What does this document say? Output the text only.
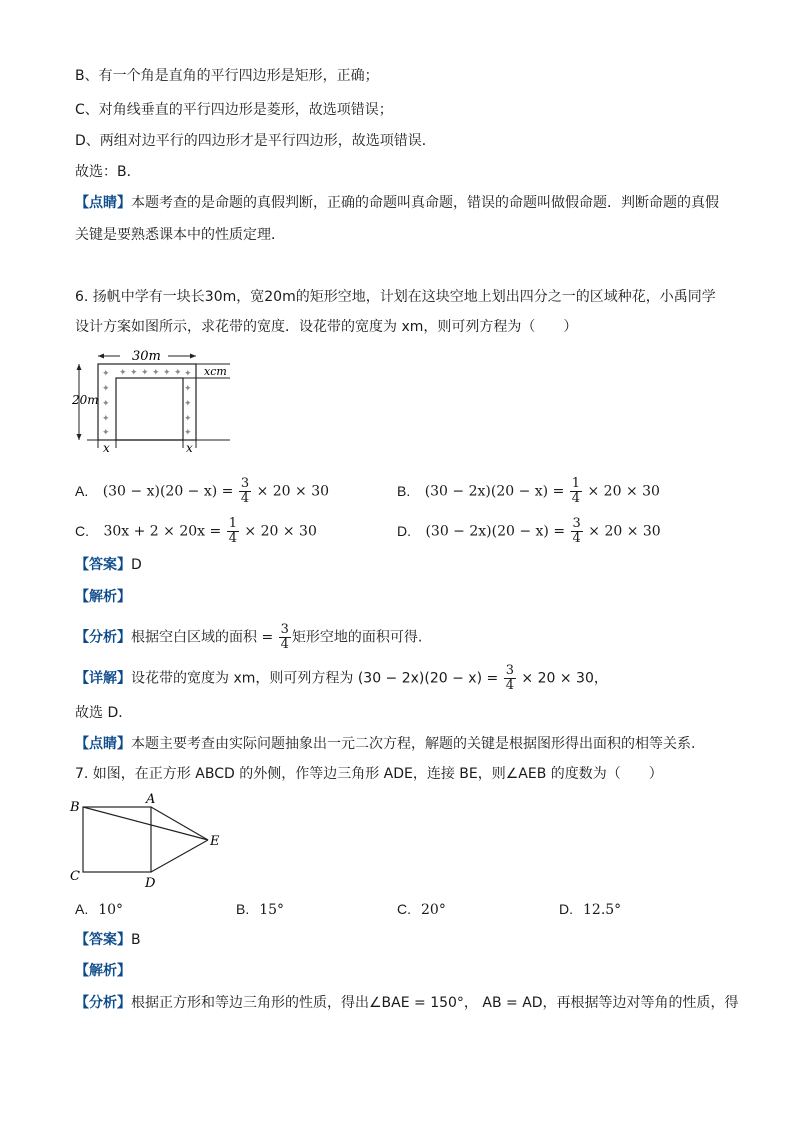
B、有一个角是直角的平行四边形是矩形，正确；
C、对角线垂直的平行四边形是菱形，故选项错误；
D、两组对边平行的四边形才是平行四边形，故选项错误．
故选：B．
【点睛】本题考查的是命题的真假判断，正确的命题叫真命题，错误的命题叫做假命题．判断命题的真假
关键是要熟悉课本中的性质定理．
6. 扬帆中学有一块长30m，宽20m的矩形空地，计划在这块空地上划出四分之一的区域种花，小禹同学
设计方案如图所示，求花带的宽度．设花带的宽度为 xm，则可列方程为（　　）
30m
20m
x	x
xcm
✦
✦
✦
✦
✦
✦
✦
✦
✦
✦
✦ ✦ ✦ ✦ ✦ ✦
A. $(30 - x)(20 - x) = \frac{3}{4} \times 20 \times 30$	B. $(30 - 2x)(20 - x) = \frac{1}{4} \times 20 \times 30$
C. $30x + 2 \times 20x = \frac{1}{4} \times 20 \times 30$	D. $(30 - 2x)(20 - x) = \frac{3}{4} \times 20 \times 30$
【答案】D
【解析】
【分析】根据空白区域的面积 = $\frac{3}{4}$ 矩形空地的面积可得.
【详解】设花带的宽度为 xm，则可列方程为 $(30 - 2x)(20 - x) = \frac{3}{4} \times 20 \times 30$，
故选 D．
【点睛】本题主要考查由实际问题抽象出一元二次方程，解题的关键是根据图形得出面积的相等关系.
7. 如图，在正方形 ABCD 的外侧，作等边三角形 ADE，连接 BE，则∠AEB 的度数为（　　）
B
A
E
C	D
A. 10°	B. 15°	C. 20°	D. 12.5°
【答案】B
【解析】
【分析】根据正方形和等边三角形的性质，得出∠BAE = 150°， AB = AD，再根据等边对等角的性质，得
